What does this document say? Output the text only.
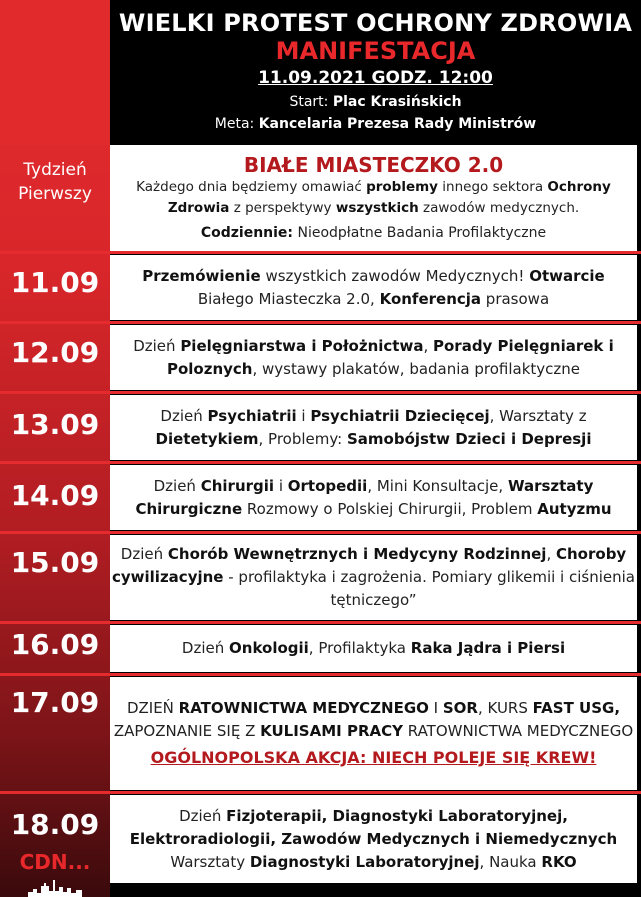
WIELKI PROTEST OCHRONY ZDROWIA
MANIFESTACJA
11.09.2021 GODZ. 12:00
Start: Plac Krasińskich
Meta: Kancelaria Prezesa Rady Ministrów
Tydzień
Pierwszy
BIAŁE MIASTECZKO 2.0
Każdego dnia będziemy omawiać problemy innego sektora Ochrony Zdrowia z perspektywy wszystkich zawodów medycznych.
Codziennie: Nieodpłatne Badania Profilaktyczne
11.09	Przemówienie wszystkich zawodów Medycznych! Otwarcie Białego Miasteczka 2.0, Konferencja prasowa
12.09	Dzień Pielęgniarstwa i Położnictwa, Porady Pielęgniarek i Poloznych, wystawy plakatów, badania profilaktyczne
13.09	Dzień Psychiatrii i Psychiatrii Dziecięcej, Warsztaty z Dietetykiem, Problemy: Samobójstw Dzieci i Depresji
14.09	Dzień Chirurgii i Ortopedii, Mini Konsultacje, Warsztaty Chirurgiczne Rozmowy o Polskiej Chirurgii, Problem Autyzmu
15.09	Dzień Chorób Wewnętrznych i Medycyny Rodzinnej, Choroby cywilizacyjne - profilaktyka i zagrożenia. Pomiary glikemii i ciśnienia tętniczego”
16.09	Dzień Onkologii, Profilaktyka Raka Jądra i Piersi
17.09	DZIEŃ RATOWNICTWA MEDYCZNEGO I SOR, KURS FAST USG, ZAPOZNANIE SIĘ Z KULISAMI PRACY RATOWNICTWA MEDYCZNEGO
OGÓLNOPOLSKA AKCJA: NIECH POLEJE SIĘ KREW!
18.09	Dzień Fizjoterapii, Diagnostyki Laboratoryjnej, Elektroradiologii, Zawodów Medycznych i Niemedycznych Warsztaty Diagnostyki Laboratoryjnej, Nauka RKO
CDN...
